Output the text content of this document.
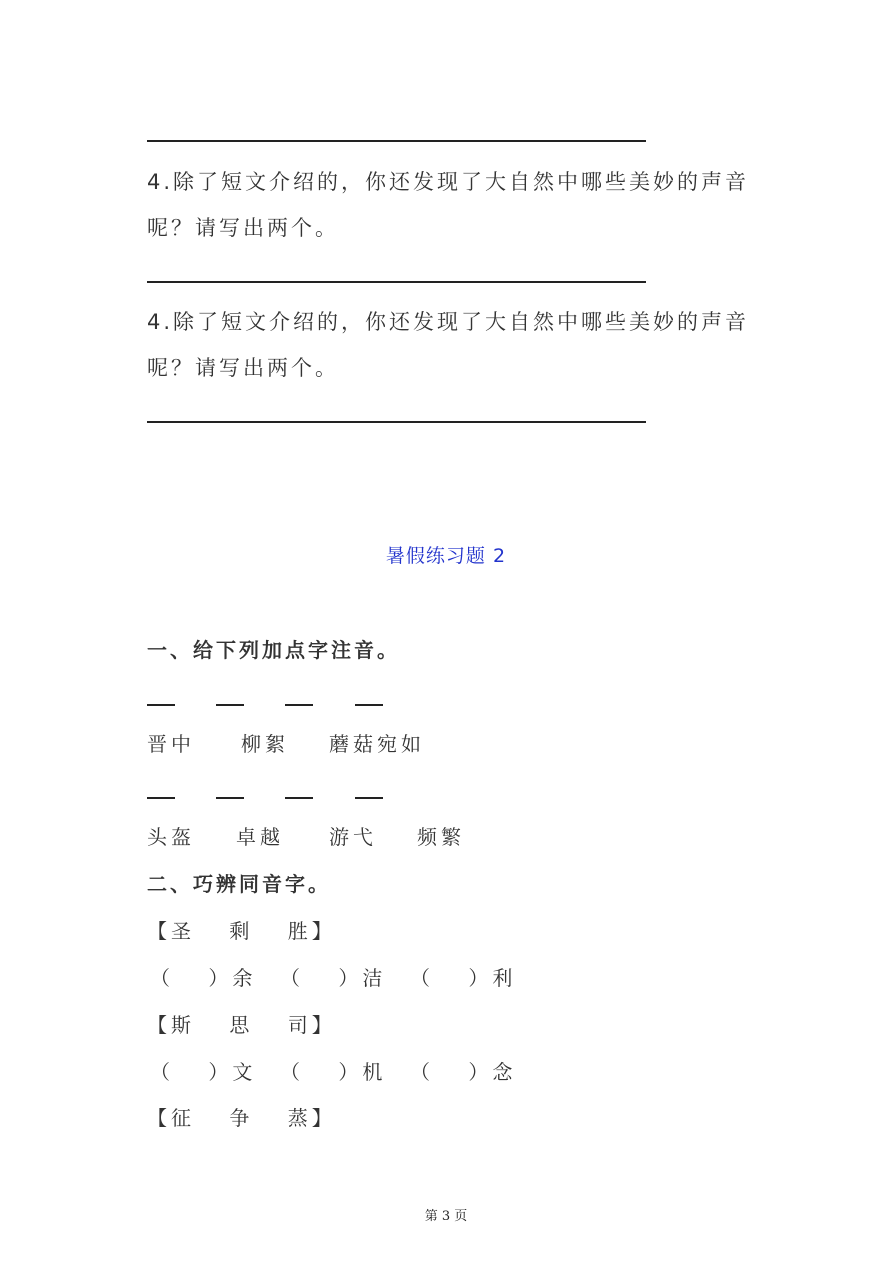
4.除了短文介绍的，你还发现了大自然中哪些美妙的声音
呢？请写出两个。
4.除了短文介绍的，你还发现了大自然中哪些美妙的声音
呢？请写出两个。
暑假练习题 2
一、给下列加点字注音。
晋中 柳絮 蘑菇宛如
头盔 卓越 游弋 频繁
二、巧辨同音字。
【圣　 剩　 胜】
（　 ）余 （　 ）洁 （　 ）利
【斯　 思　 司】
（　 ）文 （　 ）机 （　 ）念
【征　 争　 蒸】
第 3 页
